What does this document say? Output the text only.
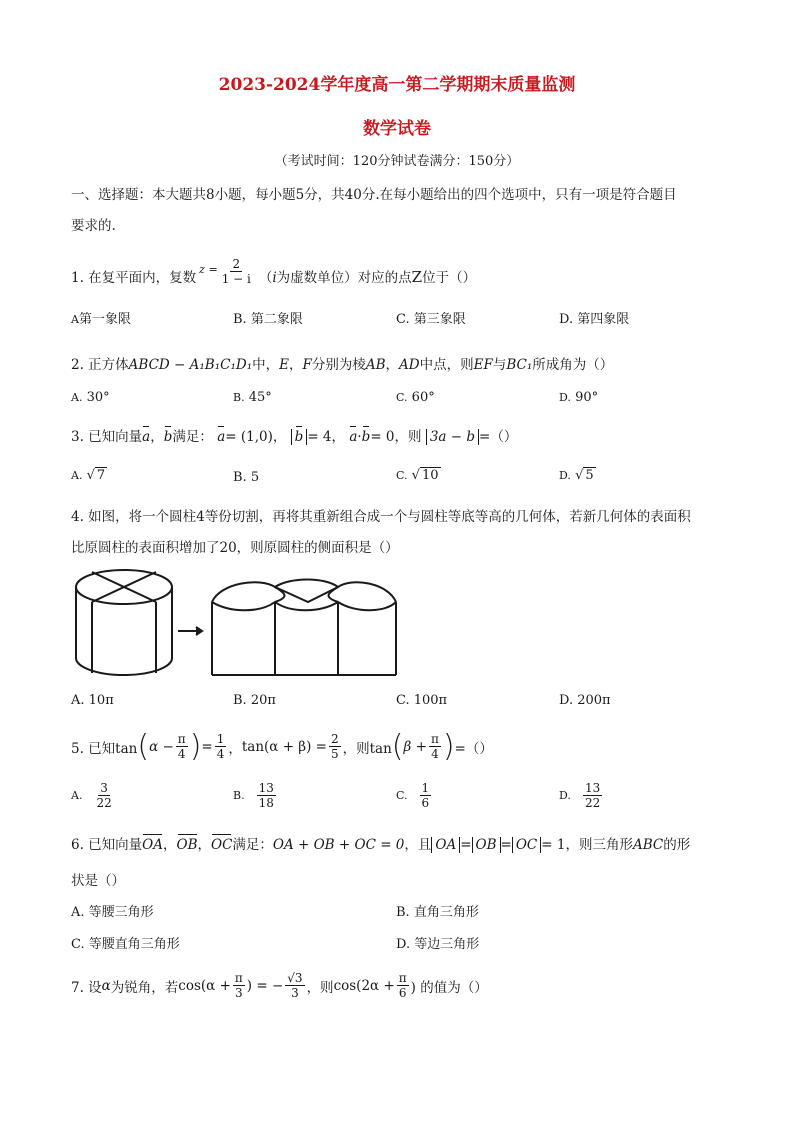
2023-2024学年度高一第二学期期末质量监测
数学试卷
（考试时间：120分钟试卷满分：150分）
一、选择题：本大题共8小题，每小题5分，共40分.在每小题给出的四个选项中，只有一项是符合题目
要求的.
1. 在复平面内，复数
$z = \frac{2}{1 - i}$ （ i 为虚数单位）对应的点 Z 位于（）
A第一象限	B. 第二象限	C. 第三象限	D. 第四象限
2. 正方体ABCD − A₁B₁C₁D₁中，E，F分别为棱AB，AD中点，则EF与BC₁所成角为（）
A. 30°	B. 45°	C. 60°	D. 90°
3. 已知向量a，b满足： a= (1,0)， b = 4， a·b= 0，则 3a − b =（）
A. √ 7	B. 5	C. √ 10	D. √ 5
4. 如图，将一个圆柱4等份切割，再将其重新组合成一个与圆柱等底等高的几何体，若新几何体的表面积
比原圆柱的表面积增加了20，则原圆柱的侧面积是（）
A. 10π	B. 20π	C. 100π	D. 200π
5. 已知tan ( $\alpha - \frac{\pi}{4}$ ) = $\frac{1}{4}$ ， $\tan(\alpha + \beta) = \frac{2}{5}$ ，则tan ( $\beta + \frac{\pi}{4}$ ) =（）
A. $\frac{3}{22}$	B. $\frac{13}{18}$	C. $\frac{1}{6}$	D. $\frac{13}{22}$
6. 已知向量OA，OB，OC满足：OA + OB + OC = 0，且 OA = OB = OC = 1，则三角形ABC的形
状是（）
A. 等腰三角形	B. 直角三角形
C. 等腰直角三角形	D. 等边三角形
7. 设 α 为锐角，若 $\cos(\alpha + \frac{\pi}{3}$ ) = − $\frac{√3}{3}$ ，则 $\cos(2\alpha + \frac{\pi}{6}$ ) 的值为（）
